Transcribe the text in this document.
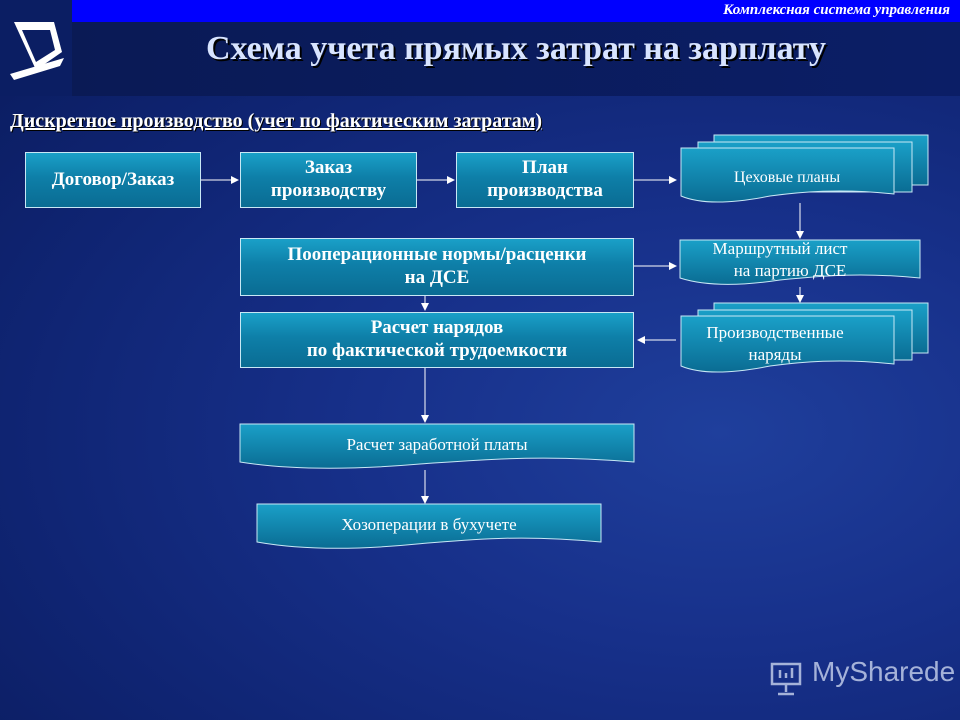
Комплексная система управления
Схема учета прямых затрат на зарплату
Дискретное производство (учет по фактическим затратам)
Договор/Заказ
Заказ
производству
План
производства
Пооперационные нормы/расценки
на ДСЕ
Расчет нарядов
по фактической трудоемкости
Расчет заработной платы
Хозоперации в бухучете
Маршрутный лист
на партию ДСЕ
Цеховые планы
Производственные
наряды
MySharede
